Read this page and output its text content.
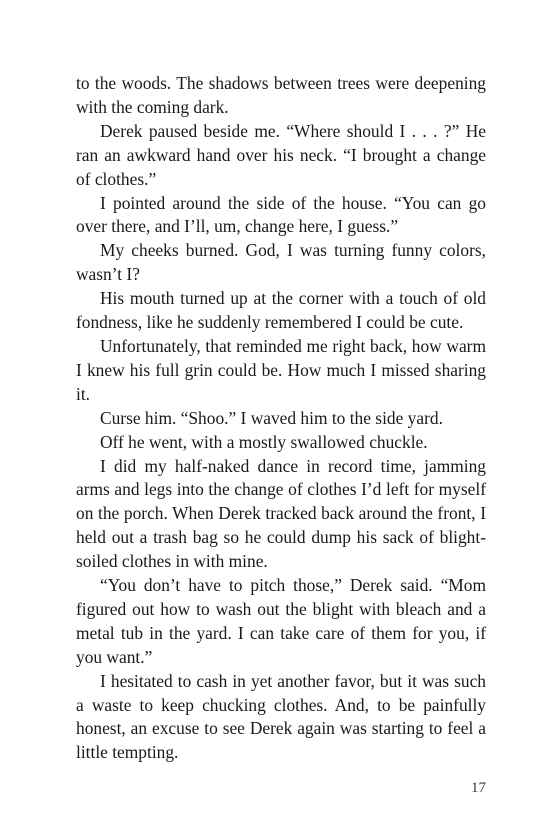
to the woods. The shadows between trees were deepening with the coming dark.

Derek paused beside me. “Where should I . . . ?” He ran an awkward hand over his neck. “I brought a change of clothes.”

I pointed around the side of the house. “You can go over there, and I’ll, um, change here, I guess.”

My cheeks burned. God, I was turning funny colors, wasn’t I?

His mouth turned up at the corner with a touch of old fondness, like he suddenly remembered I could be cute.

Unfortunately, that reminded me right back, how warm I knew his full grin could be. How much I missed sharing it.

Curse him. “Shoo.” I waved him to the side yard.

Off he went, with a mostly swallowed chuckle.

I did my half-naked dance in record time, jamming arms and legs into the change of clothes I’d left for myself on the porch. When Derek tracked back around the front, I held out a trash bag so he could dump his sack of blight-soiled clothes in with mine.

“You don’t have to pitch those,” Derek said. “Mom figured out how to wash out the blight with bleach and a metal tub in the yard. I can take care of them for you, if you want.”

I hesitated to cash in yet another favor, but it was such a waste to keep chucking clothes. And, to be painfully honest, an excuse to see Derek again was starting to feel a little tempting.

17
